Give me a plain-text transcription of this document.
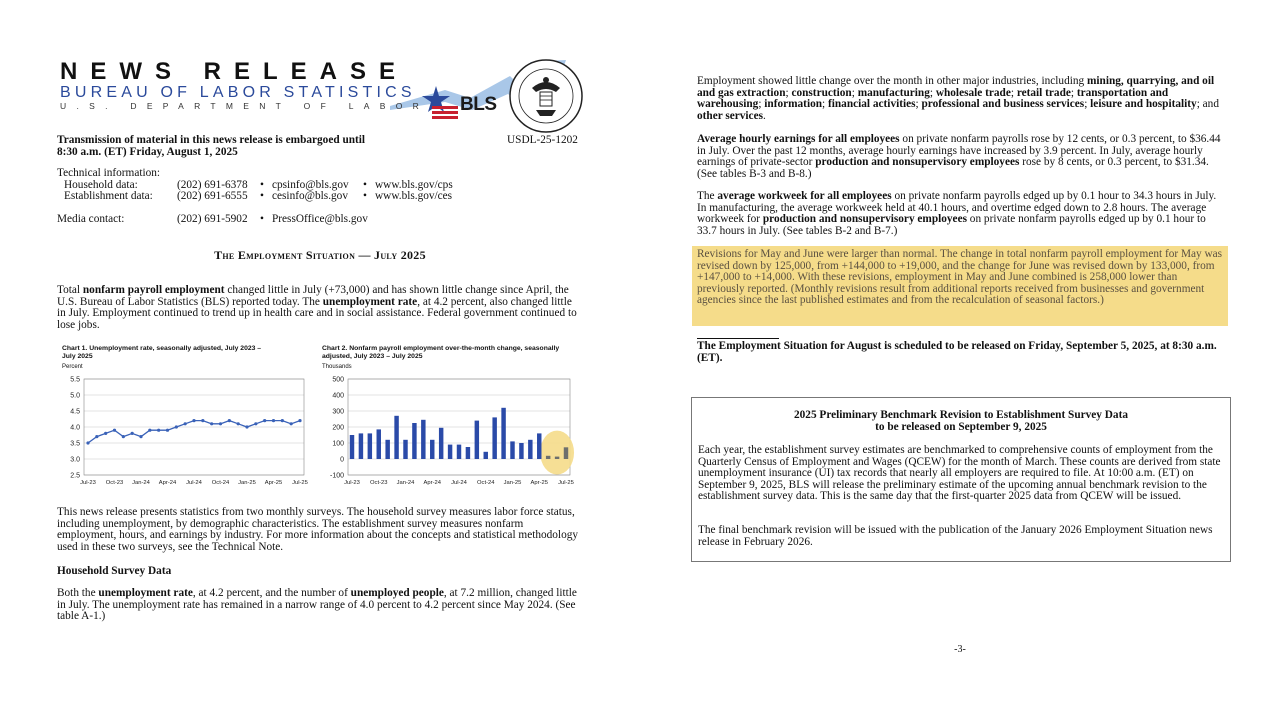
NEWS RELEASE
BUREAU OF LABOR STATISTICS
U.S. DEPARTMENT OF LABOR BLS
Transmission of material in this news release is embargoed until
8:30 a.m. (ET) Friday, August 1, 2025
USDL-25-1202
Technical information:
Household data:	(202) 691-6378 • cpsinfo@bls.gov • www.bls.gov/cps
Establishment data: (202) 691-6555 • cesinfo@bls.gov • www.bls.gov/ces
Media contact:	(202) 691-5902 • PressOffice@bls.gov
The Employment Situation — July 2025
Total nonfarm payroll employment changed little in July (+73,000) and has shown little change since April, the U.S. Bureau of Labor Statistics (BLS) reported today. The unemployment rate, at 4.2 percent, also changed little in July. Employment continued to trend up in health care and in social assistance. Federal government continued to lose jobs.
Chart 1. Unemployment rate, seasonally adjusted, July 2023 – July 2025
Percent
5.5
5.0
4.5
4.0
3.5
3.0
2.5
Jul-23 Oct-23 Jan-24 Apr-24 Jul-24 Oct-24 Jan-25 Apr-25 Jul-25
Chart 2. Nonfarm payroll employment over-the-month change, seasonally adjusted, July 2023 – July 2025
Thousands
500
400
300
200
100
0
-100
Jul-23 Oct-23 Jan-24 Apr-24 Jul-24 Oct-24 Jan-25 Apr-25 Jul-25
This news release presents statistics from two monthly surveys. The household survey measures labor force status, including unemployment, by demographic characteristics. The establishment survey measures nonfarm employment, hours, and earnings by industry. For more information about the concepts and statistical methodology used in these two surveys, see the Technical Note.
Household Survey Data
Both the unemployment rate, at 4.2 percent, and the number of unemployed people, at 7.2 million, changed little in July. The unemployment rate has remained in a narrow range of 4.0 percent to 4.2 percent since May 2024. (See table A-1.)
Employment showed little change over the month in other major industries, including mining, quarrying, and oil and gas extraction; construction; manufacturing; wholesale trade; retail trade; transportation and warehousing; information; financial activities; professional and business services; leisure and hospitality; and other services.
Average hourly earnings for all employees on private nonfarm payrolls rose by 12 cents, or 0.3 percent, to $36.44 in July. Over the past 12 months, average hourly earnings have increased by 3.9 percent. In July, average hourly earnings of private-sector production and nonsupervisory employees rose by 8 cents, or 0.3 percent, to $31.34. (See tables B-3 and B-8.)
The average workweek for all employees on private nonfarm payrolls edged up by 0.1 hour to 34.3 hours in July. In manufacturing, the average workweek held at 40.1 hours, and overtime edged down to 2.8 hours. The average workweek for production and nonsupervisory employees on private nonfarm payrolls edged up by 0.1 hour to 33.7 hours in July. (See tables B-2 and B-7.)
Revisions for May and June were larger than normal. The change in total nonfarm payroll employment for May was revised down by 125,000, from +144,000 to +19,000, and the change for June was revised down by 133,000, from +147,000 to +14,000. With these revisions, employment in May and June combined is 258,000 lower than previously reported. (Monthly revisions result from additional reports received from businesses and government agencies since the last published estimates and from the recalculation of seasonal factors.)
The Employment Situation for August is scheduled to be released on Friday, September 5, 2025, at 8:30 a.m. (ET).
2025 Preliminary Benchmark Revision to Establishment Survey Data
to be released on September 9, 2025
Each year, the establishment survey estimates are benchmarked to comprehensive counts of employment from the Quarterly Census of Employment and Wages (QCEW) for the month of March. These counts are derived from state unemployment insurance (UI) tax records that nearly all employers are required to file. At 10:00 a.m. (ET) on September 9, 2025, BLS will release the preliminary estimate of the upcoming annual benchmark revision to the establishment survey data. This is the same day that the first-quarter 2025 data from QCEW will be issued.
The final benchmark revision will be issued with the publication of the January 2026 Employment Situation news release in February 2026.
-3-
